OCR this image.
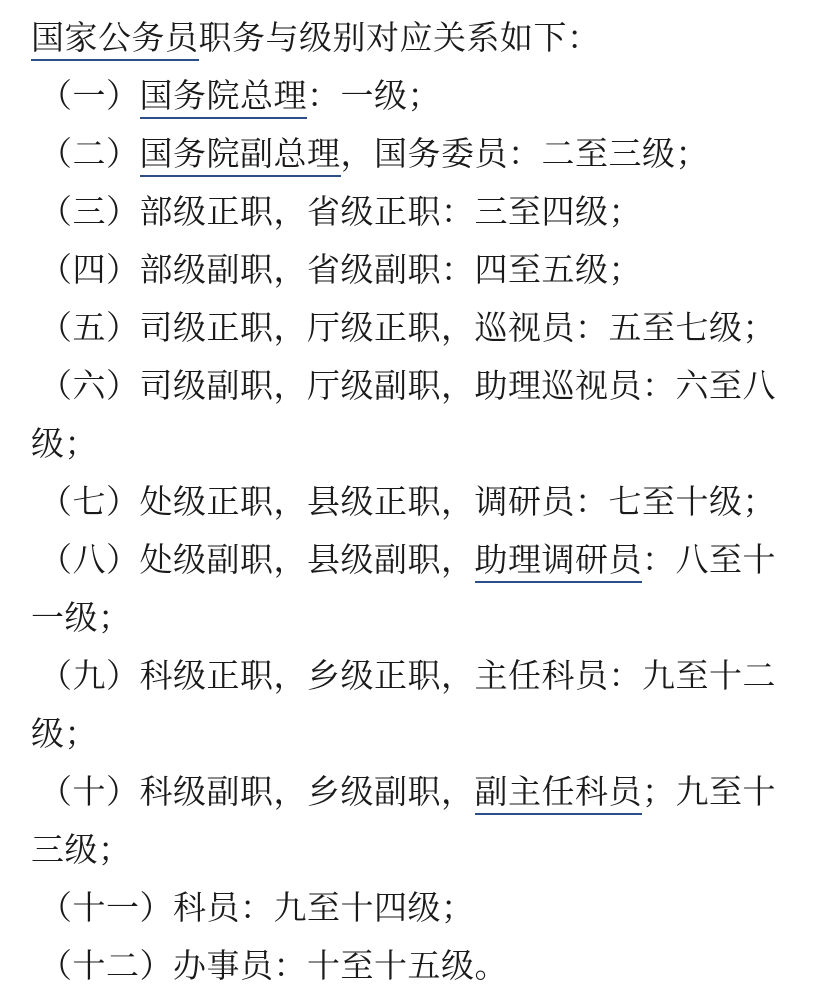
国家公务员职务与级别对应关系如下：

（一）国务院总理：一级；

（二）国务院副总理，国务委员：二至三级；

（三）部级正职，省级正职：三至四级；

（四）部级副职，省级副职：四至五级；

（五）司级正职，厅级正职，巡视员：五至七级；

（六）司级副职，厅级副职，助理巡视员：六至八级；

（七）处级正职，县级正职，调研员：七至十级；

（八）处级副职，县级副职，助理调研员：八至十一级；

（九）科级正职，乡级正职，主任科员：九至十二级；

（十）科级副职，乡级副职，副主任科员；九至十三级；

（十一）科员：九至十四级；

（十二）办事员：十至十五级。
